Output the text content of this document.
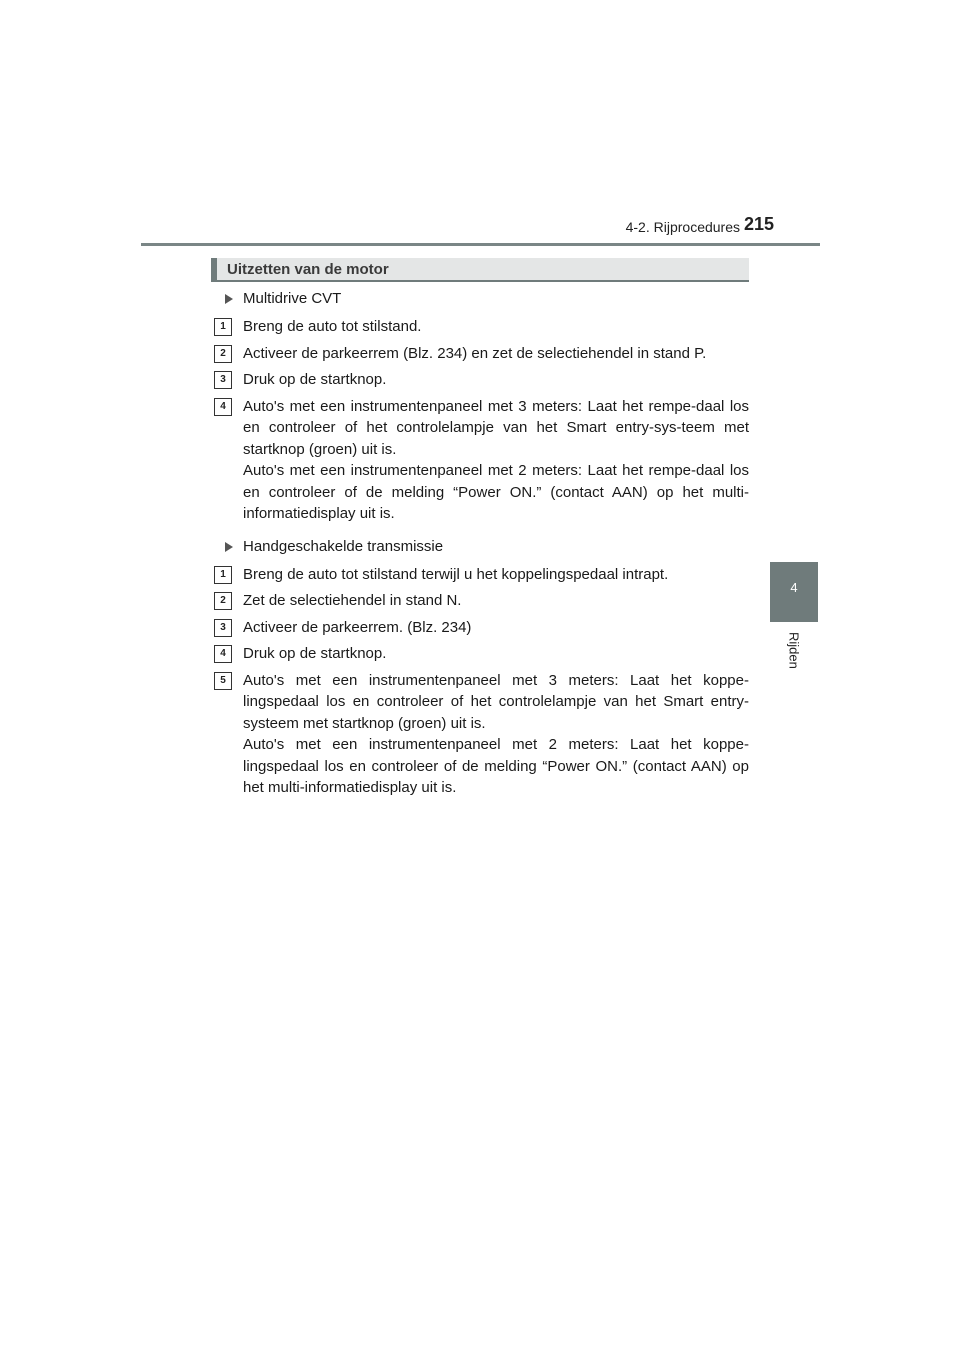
4-2. Rijprocedures 215
4
Rijden
Uitzetten van de motor
Multidrive CVT
1	Breng de auto tot stilstand.

2	Activeer de parkeerrem (Blz. 234) en zet de selectiehendel in stand P.

3	Druk op de startknop.

4	Auto's met een instrumentenpaneel met 3 meters: Laat het rempe-daal los en controleer of het controlelampje van het Smart entry-sys-teem met startknop (groen) uit is.

Auto's met een instrumentenpaneel met 2 meters: Laat het rempe-daal los en controleer of de melding “Power ON.” (contact AAN) op het multi-informatiedisplay uit is.

Handgeschakelde transmissie
1	Breng de auto tot stilstand terwijl u het koppelingspedaal intrapt.

2	Zet de selectiehendel in stand N.

3	Activeer de parkeerrem. (Blz. 234)

4	Druk op de startknop.

5	Auto's met een instrumentenpaneel met 3 meters: Laat het koppe-lingspedaal los en controleer of het controlelampje van het Smart entry-systeem met startknop (groen) uit is.

Auto's met een instrumentenpaneel met 2 meters: Laat het koppe-lingspedaal los en controleer of de melding “Power ON.” (contact AAN) op het multi-informatiedisplay uit is.
